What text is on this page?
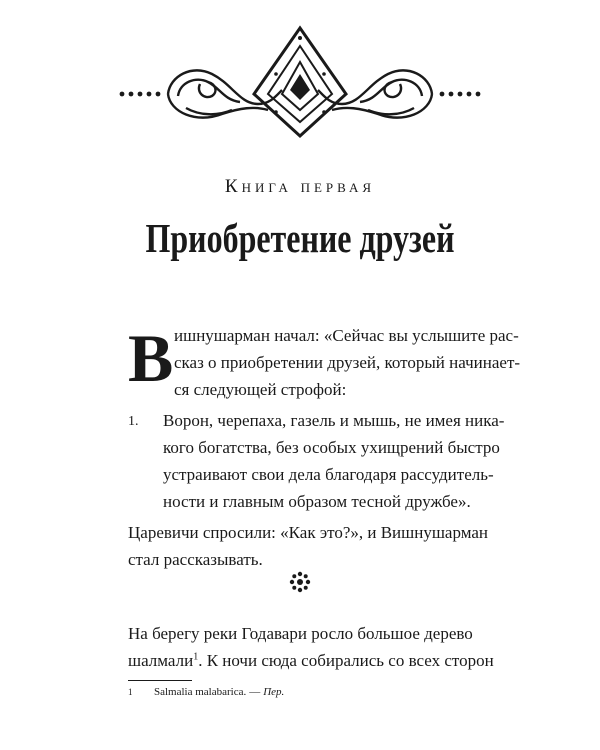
Книга первая
Приобретение друзей
В ишнушарман начал: «Сейчас вы услышите рас-
сказ о приобретении друзей, который начинает-
ся следующей строфой:
1. Ворон, черепаха, газель и мышь, не имея ника-
кого богатства, без особых ухищрений быстро
устраивают свои дела благодаря рассудитель-
ности и главным образом тесной дружбе».
Царевичи спросили: «Как это?», и Вишнушарман
стал рассказывать.
На берегу реки Годавари росло большое дерево
шалмали$^1$. К ночи сюда собирались со всех сторон
1 Salmalia malabarica. — Пер.
